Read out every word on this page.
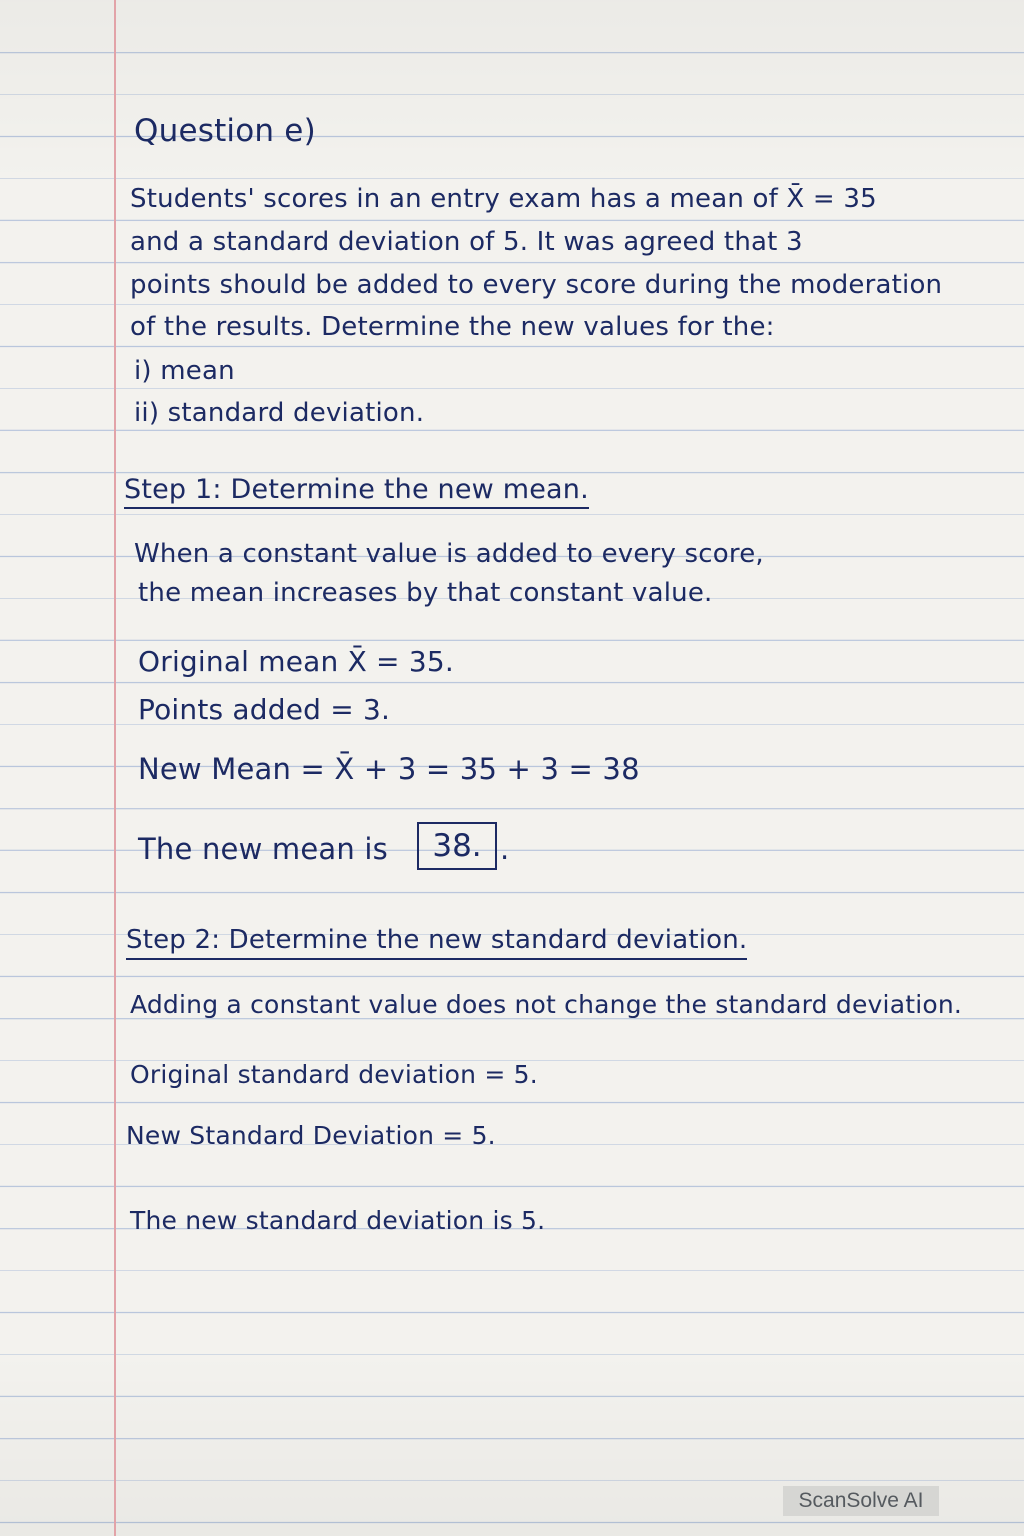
Question e)
Students' scores in an entry exam has a mean of X̄ = 35
and a standard deviation of 5. It was agreed that 3
points should be added to every score during the moderation
of the results. Determine the new values for the:
i) mean
ii) standard deviation.
Step 1: Determine the new mean.
When a constant value is added to every score,
the mean increases by that constant value.
Original mean X̄ = 35.
Points added = 3.
New Mean = X̄ + 3 = 35 + 3 = 38
The new mean is	38. .
Step 2: Determine the new standard deviation.
Adding a constant value does not change the standard deviation.
Original standard deviation = 5.
New Standard Deviation = 5.
The new standard deviation is 5.
ScanSolve AI
